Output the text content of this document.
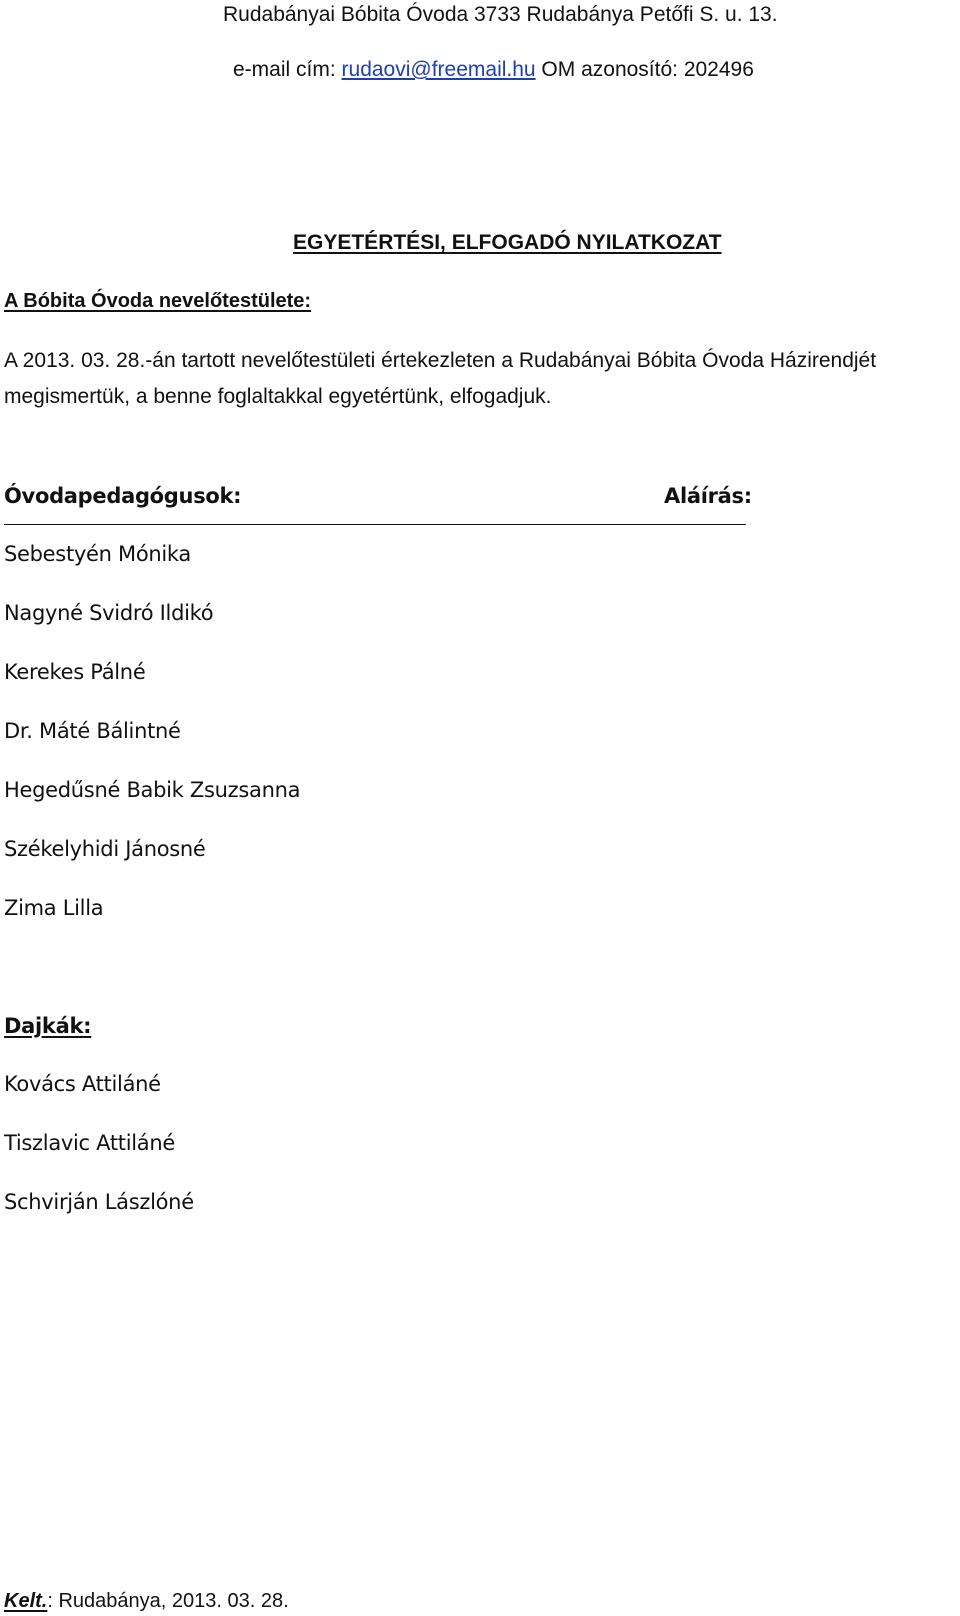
Rudabányai Bóbita Óvoda 3733 Rudabánya Petőfi S. u. 13.
e-mail cím: rudaovi@freemail.hu OM azonosító: 202496
EGYETÉRTÉSI, ELFOGADÓ NYILATKOZAT
A Bóbita Óvoda nevelőtestülete:
A 2013. 03. 28.-án tartott nevelőtestületi értekezleten a Rudabányai Bóbita Óvoda Házirendjét megismertük, a benne foglaltakkal egyetértünk, elfogadjuk.
Óvodapedagógusok:	Aláírás:
Sebestyén Mónika
Nagyné Svidró Ildikó
Kerekes Pálné
Dr. Máté Bálintné
Hegedűsné Babik Zsuzsanna
Székelyhidi Jánosné
Zima Lilla
Dajkák:
Kovács Attiláné
Tiszlavic Attiláné
Schvirján Lászlóné
Kelt.: Rudabánya, 2013. 03. 28.
